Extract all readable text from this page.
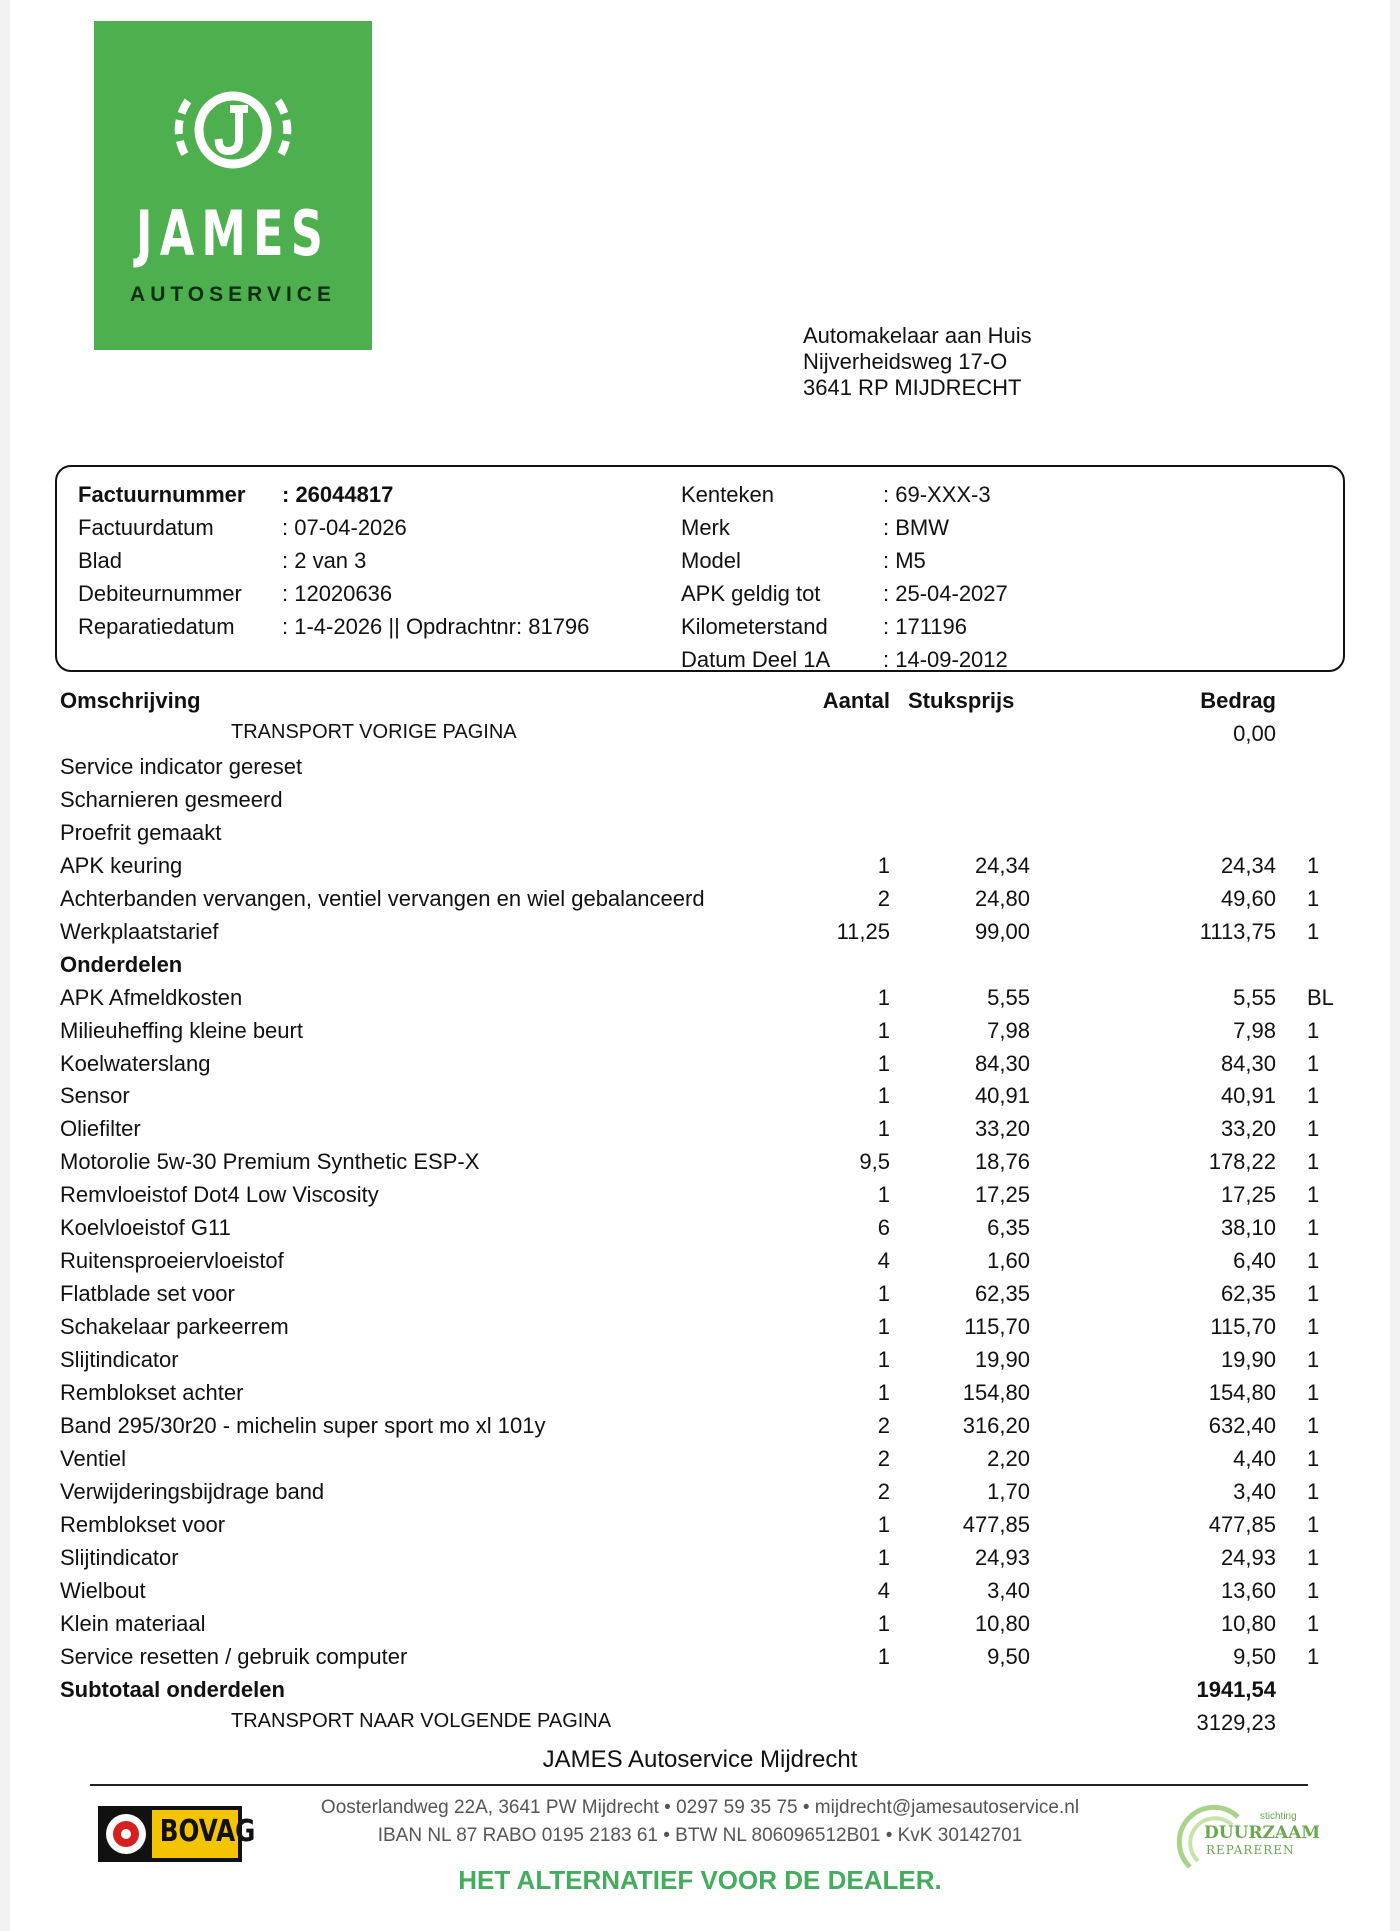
JAMES
AUTOSERVICE
Automakelaar aan Huis
Nijverheidsweg 17-O
3641 RP MIJDRECHT
Factuurnummer : 26044817
Factuurdatum	: 07-04-2026
Blad	: 2 van 3
Debiteurnummer : 12020636
Reparatiedatum : 1-4-2026 || Opdrachtnr: 81796
Kenteken	: 69-XXX-3
Merk	: BMW
Model	: M5
APK geldig tot	: 25-04-2027
Kilometerstand	: 171196
Datum Deel 1A : 14-09-2012
Omschrijving	Aantal Stuksprijs	Bedrag
TRANSPORT VORIGE PAGINA	0,00
Service indicator gereset
Scharnieren gesmeerd
Proefrit gemaakt
APK keuring	1	24,34	24,34 1
Achterbanden vervangen, ventiel vervangen en wiel gebalanceerd	2	24,80	49,60 1
Werkplaatstarief	11,25	99,00	1113,75 1
Onderdelen
APK Afmeldkosten	1	5,55	5,55 BL
Milieuheffing kleine beurt	1	7,98	7,98 1
Koelwaterslang	1	84,30	84,30 1
Sensor	1	40,91	40,91 1
Oliefilter	1	33,20	33,20 1
Motorolie 5w-30 Premium Synthetic ESP-X	9,5	18,76	178,22 1
Remvloeistof Dot4 Low Viscosity	1	17,25	17,25 1
Koelvloeistof G11	6	6,35	38,10 1
Ruitensproeiervloeistof	4	1,60	6,40 1
Flatblade set voor	1	62,35	62,35 1
Schakelaar parkeerrem	1	115,70	115,70 1
Slijtindicator	1	19,90	19,90 1
Remblokset achter	1	154,80	154,80 1
Band 295/30r20 - michelin super sport mo xl 101y	2	316,20	632,40 1
Ventiel	2	2,20	4,40 1
Verwijderingsbijdrage band	2	1,70	3,40 1
Remblokset voor	1	477,85	477,85 1
Slijtindicator	1	24,93	24,93 1
Wielbout	4	3,40	13,60 1
Klein materiaal	1	10,80	10,80 1
Service resetten / gebruik computer	1	9,50	9,50 1
Subtotaal onderdelen	1941,54
TRANSPORT NAAR VOLGENDE PAGINA	3129,23
JAMES Autoservice Mijdrecht
BOVAG
Oosterlandweg 22A, 3641 PW Mijdrecht • 0297 59 35 75 • mijdrecht@jamesautoservice.nl
IBAN NL 87 RABO 0195 2183 61 • BTW NL 806096512B01 • KvK 30142701
HET ALTERNATIEF VOOR DE DEALER.
stichting
DUURZAAM
REPAREREN
